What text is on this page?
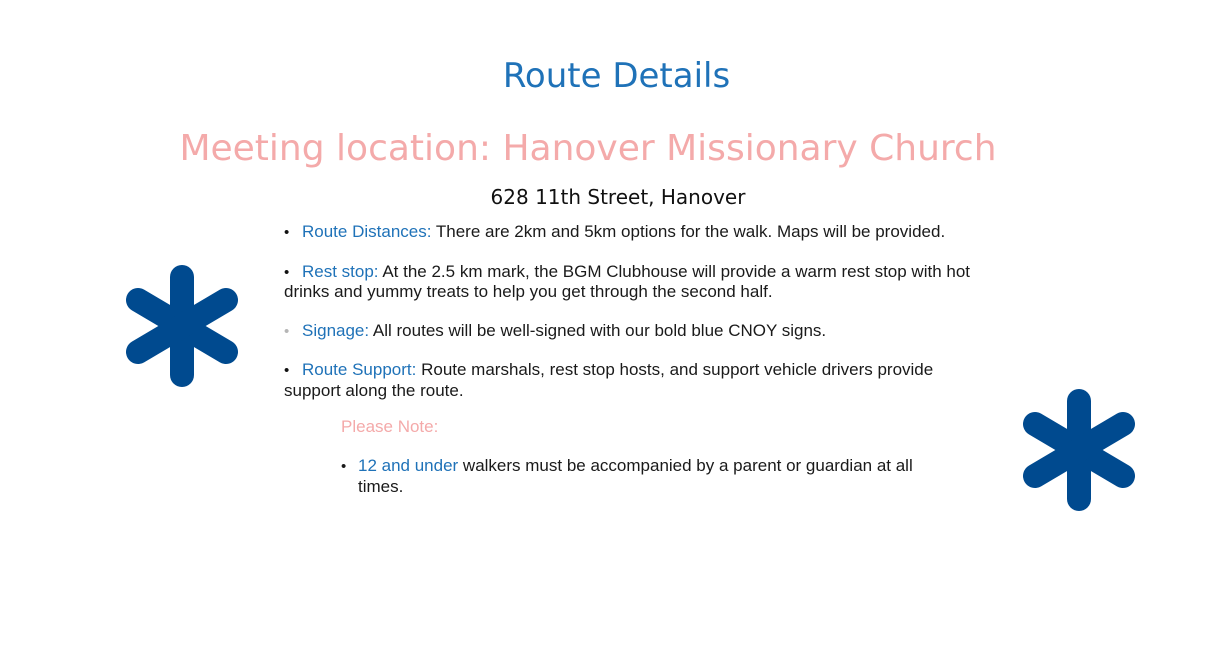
Route Details
Meeting location: Hanover Missionary Church
628 11th Street, Hanover
• Route Distances: There are 2km and 5km options for the walk. Maps will be provided.
• Rest stop: At the 2.5 km mark, the BGM Clubhouse will provide a warm rest stop with hot drinks and yummy treats to help you get through the second half.
• Signage: All routes will be well-signed with our bold blue CNOY signs.
• Route Support: Route marshals, rest stop hosts, and support vehicle drivers provide support along the route.
Please Note:
• 12 and under walkers must be accompanied by a parent or guardian at all times.
